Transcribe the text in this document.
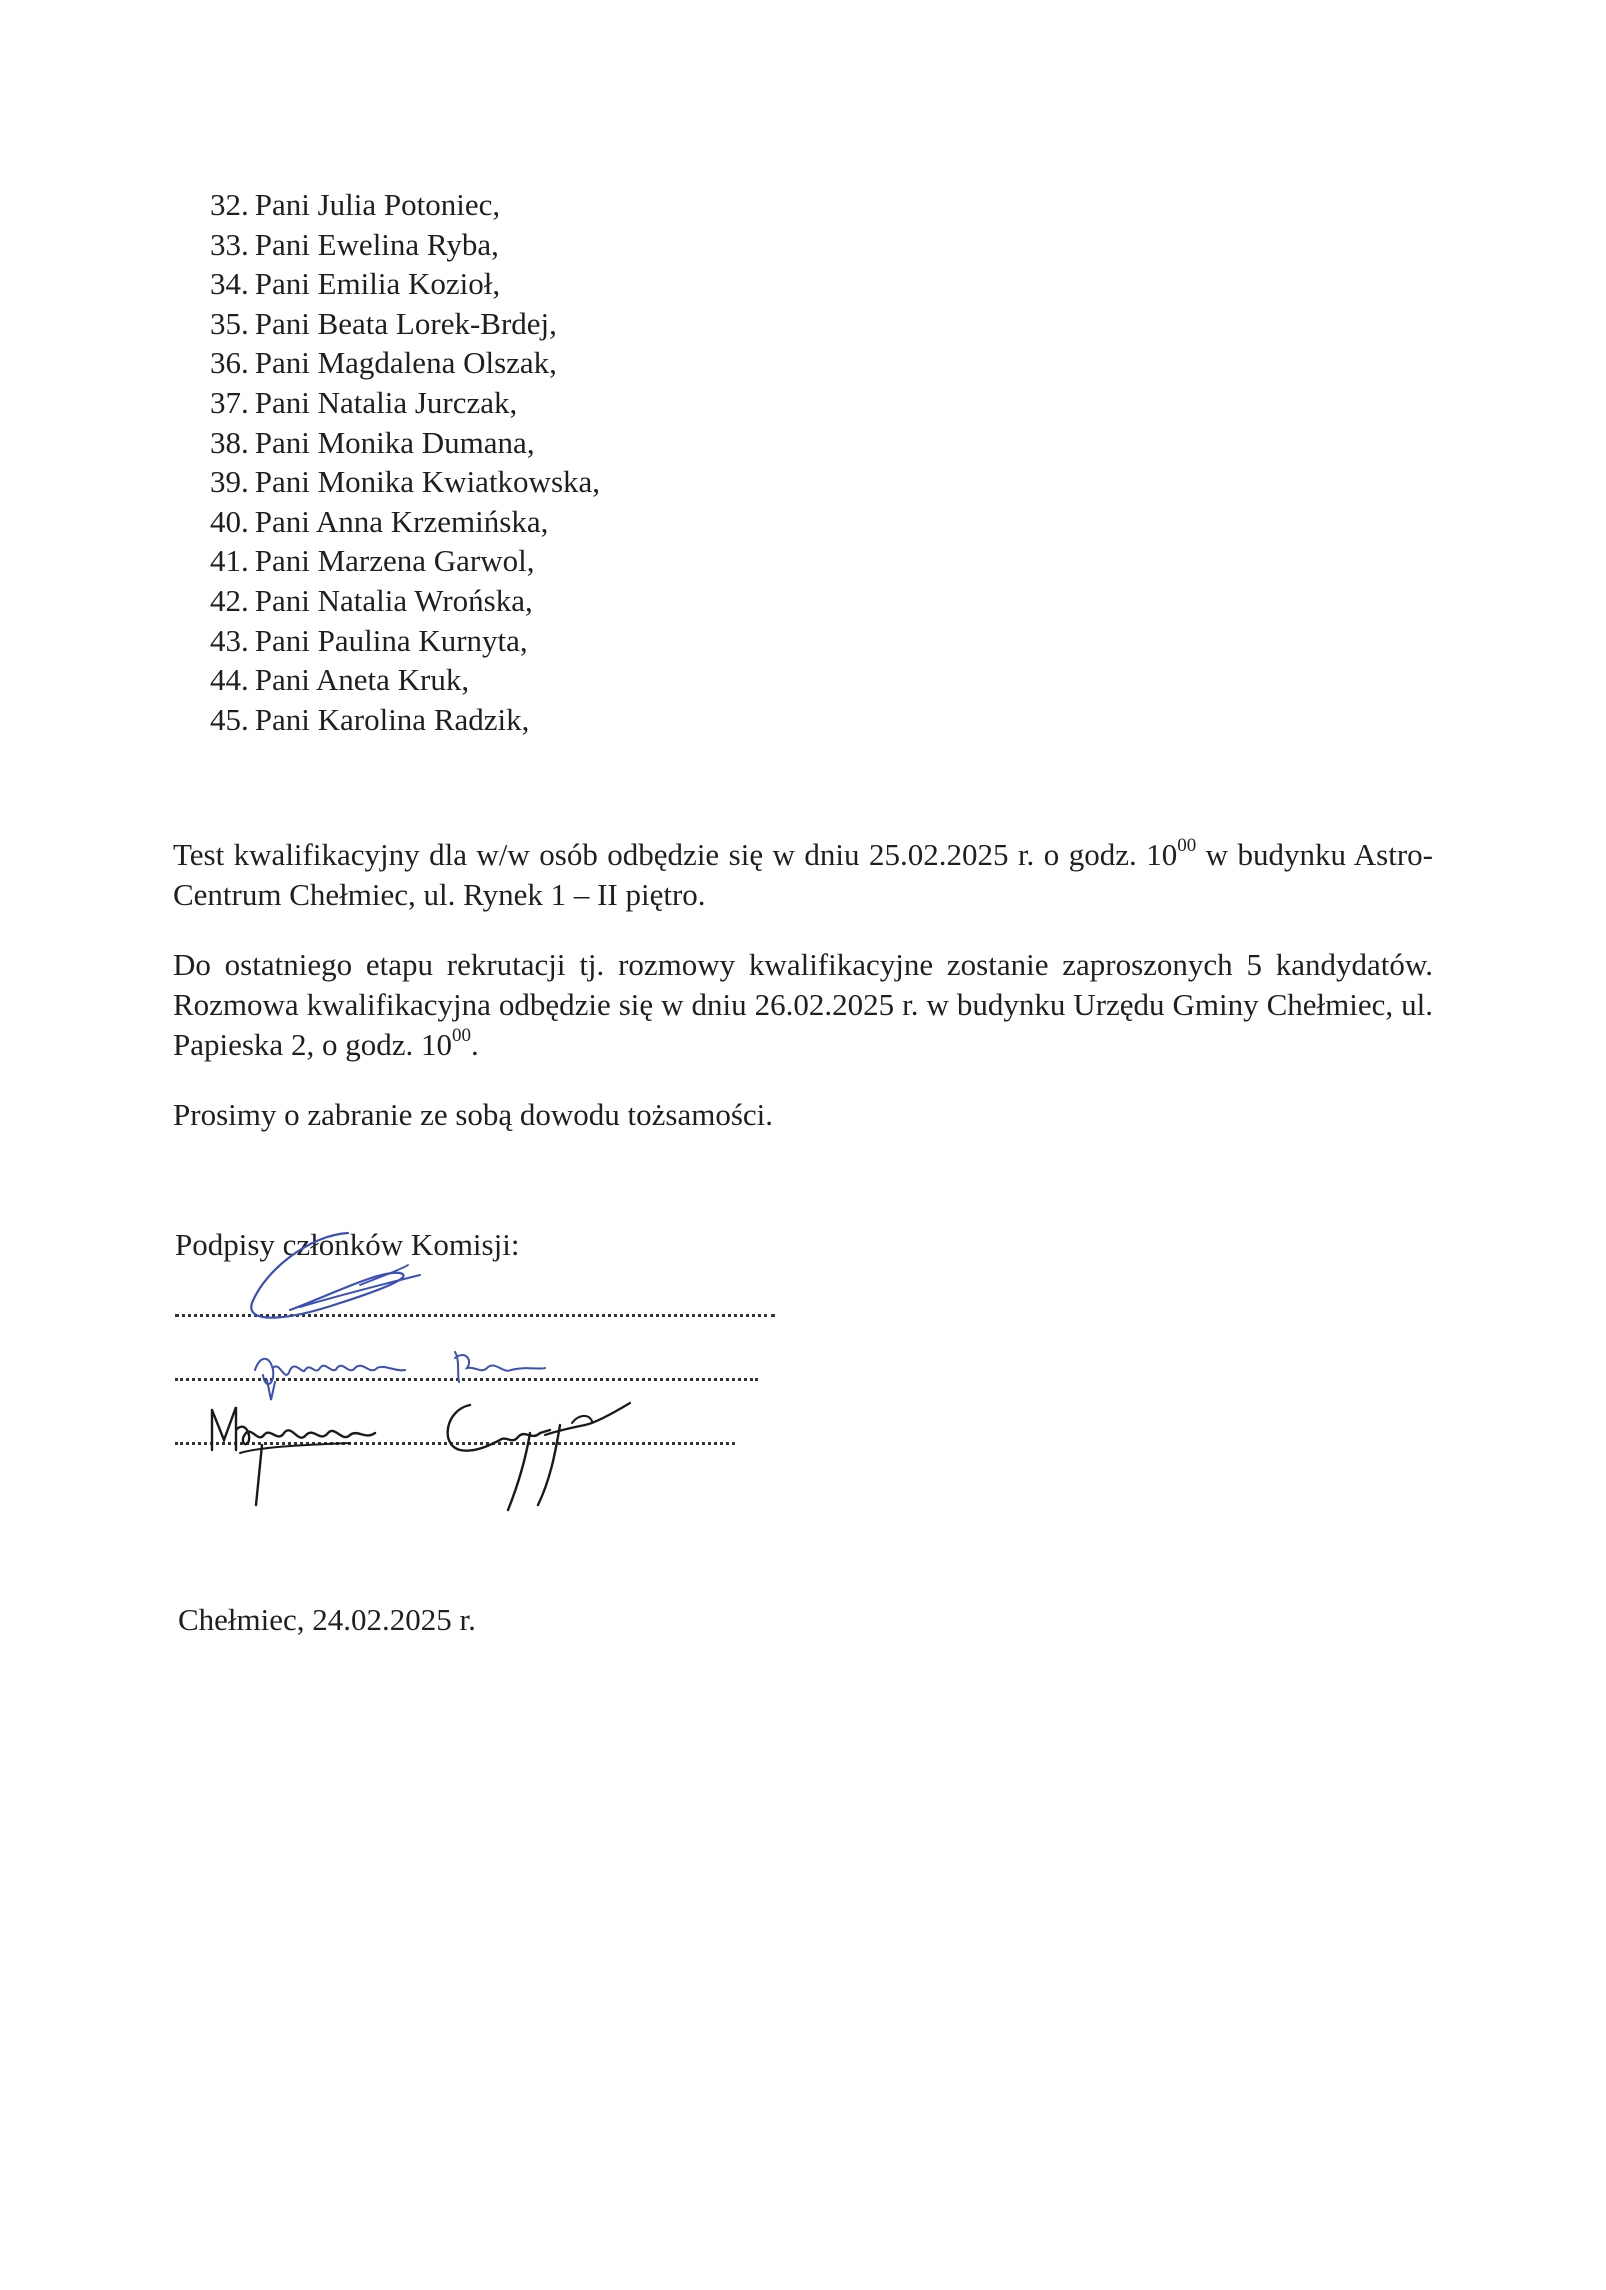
32. Pani Julia Potoniec,
33. Pani Ewelina Ryba,
34. Pani Emilia Kozioł,
35. Pani Beata Lorek-Brdej,
36. Pani Magdalena Olszak,
37. Pani Natalia Jurczak,
38. Pani Monika Dumana,
39. Pani Monika Kwiatkowska,
40. Pani Anna Krzemińska,
41. Pani Marzena Garwol,
42. Pani Natalia Wrońska,
43. Pani Paulina Kurnyta,
44. Pani Aneta Kruk,
45. Pani Karolina Radzik,

Test kwalifikacyjny dla w/w osób odbędzie się w dniu 25.02.2025 r. o godz. $10^{00}$ w budynku Astro-Centrum Chełmiec, ul. Rynek 1 – II piętro.

Do ostatniego etapu rekrutacji tj. rozmowy kwalifikacyjne zostanie zaproszonych 5 kandydatów. Rozmowa kwalifikacyjna odbędzie się w dniu 26.02.2025 r. w budynku Urzędu Gminy Chełmiec, ul. Papieska 2, o godz. $10^{00}$.

Prosimy o zabranie ze sobą dowodu tożsamości.

Podpisy członków Komisji:

Chełmiec, 24.02.2025 r.
